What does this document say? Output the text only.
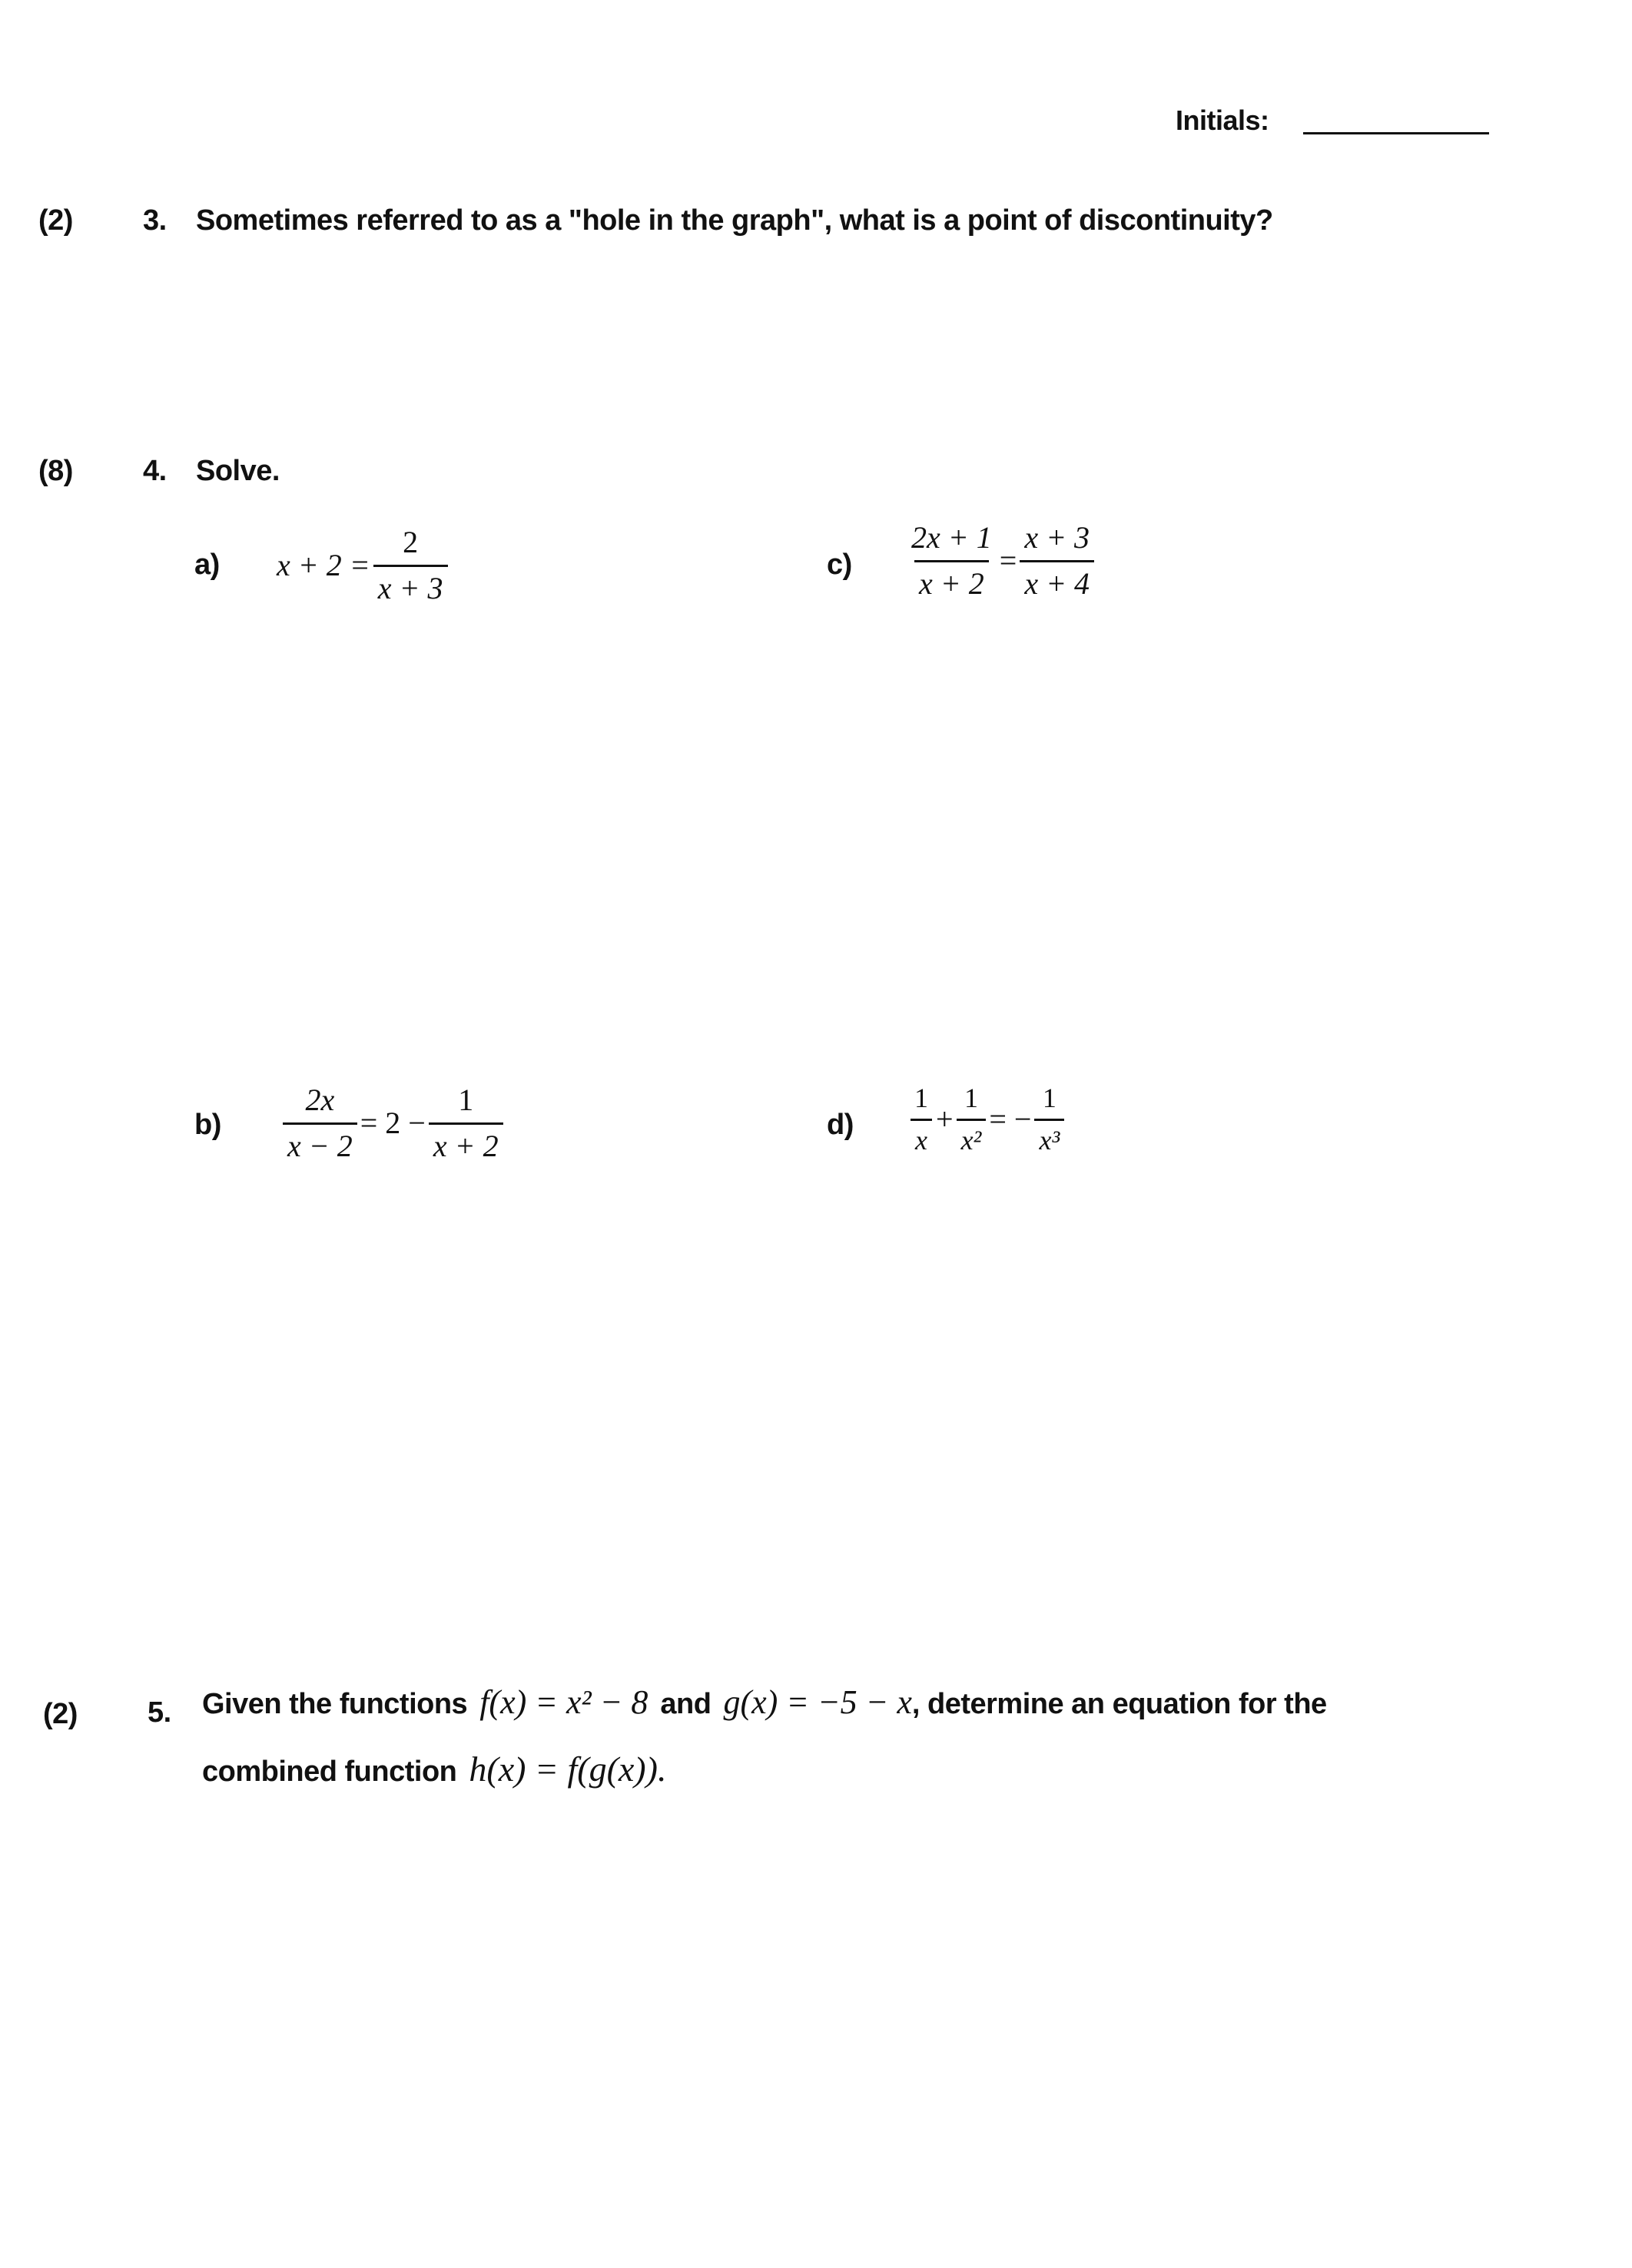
Initials:
(2) 3. Sometimes referred to as a "hole in the graph", what is a point of discontinuity?
(8) 4. Solve.
a) $x + 2 = \frac{2}{x + 3}$	$c) \frac{2x + 1}{x + 2} = \frac{x + 3}{x + 4}$
$b) \frac{2x}{x - 2} = 2 - \frac{1}{x + 2}$	$d) \frac{1}{x} + \frac{1}{\text{x²}}$ = − $\frac{1}{\text{x³}}$
(2) 5. Given the functions f(x) = x² − 8 and g(x) = −5 − x , determine an equation for the
combined function h(x) = f(g(x)).
